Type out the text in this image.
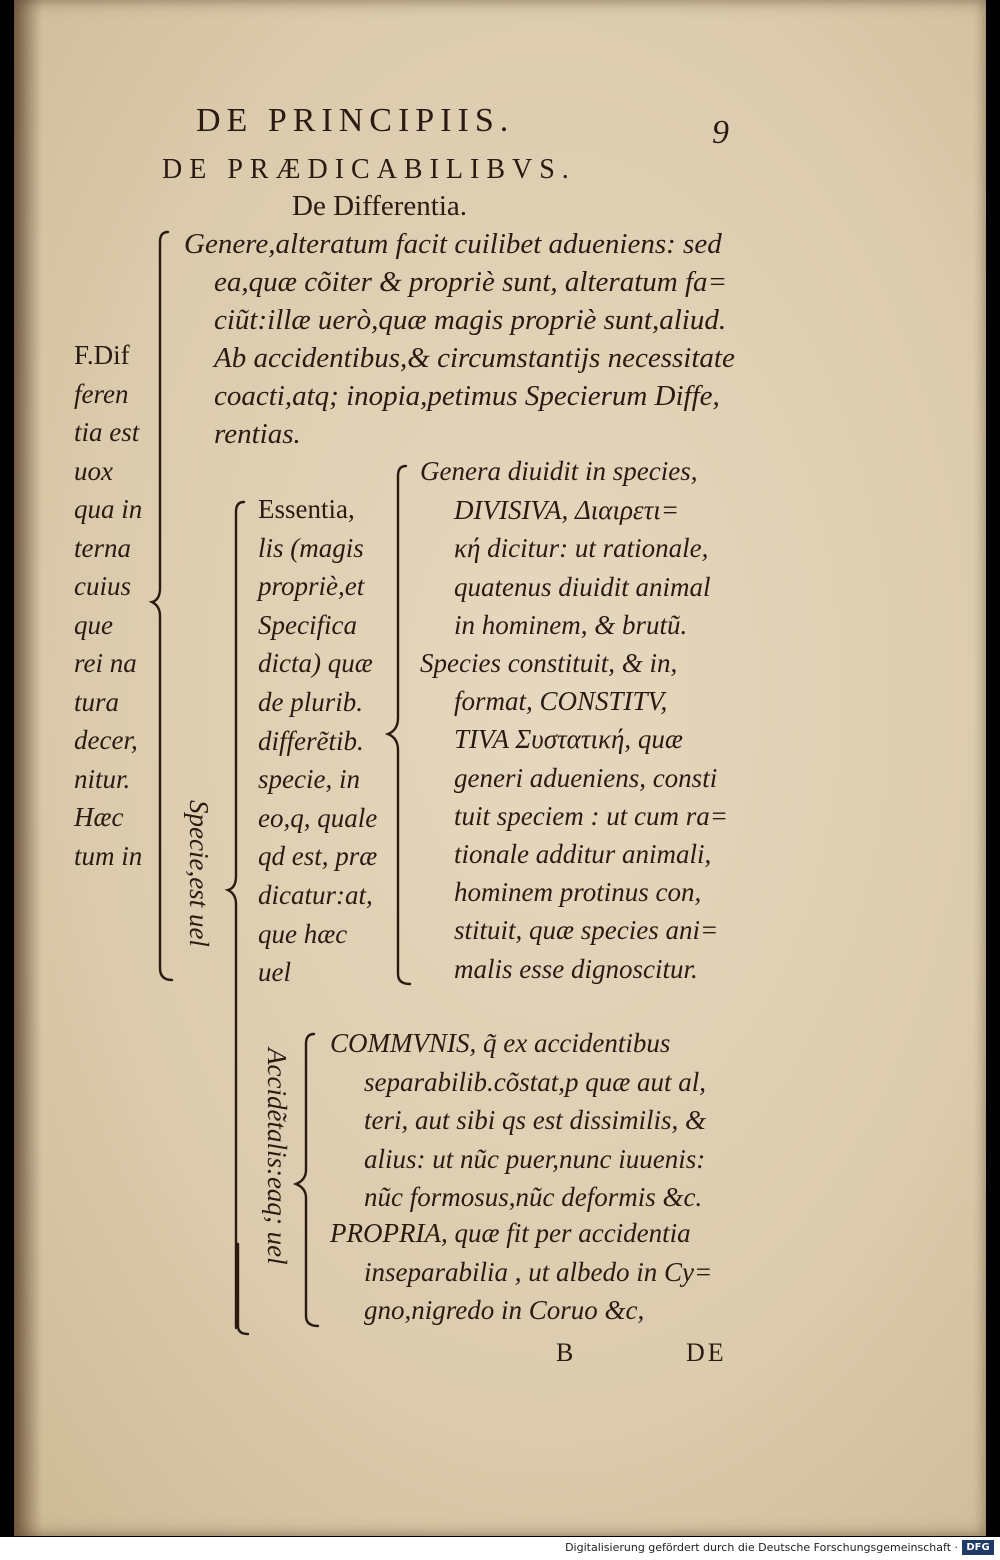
DE PRINCIPIIS.	9
DE PRÆDICABILIBVS.
De Differentia.
F.Dif
feren
tia est
uox
qua in
terna
cuius
que
rei na
tura
decer,
nitur.
Hæc
tum in Specie,est uel
Accidẽtalis:eaq; uel
Genere,alteratum facit cuilibet adueniens: sed
ea,quæ cõiter & propriè sunt, alteratum fa=
ciũt:illæ uerò,quæ magis propriè sunt,aliud.
Ab accidentibus,& circumstantijs necessitate
coacti,atq; inopia,petimus Specierum Diffe,
rentias.
Essentia,
lis (magis
propriè,et
Specifica
dicta) quæ
de plurib.
differẽtib.
specie, in
eo,q, quale
qd est, præ
dicatur:at,
que hæc
uel
Genera diuidit in species,
DIVISIVA, Διαιρετι=
κή dicitur: ut rationale,
quatenus diuidit animal
in hominem, & brutũ.
Species constituit, & in,
format, CONSTITV,
TIVA Συστατική, quæ
generi adueniens, consti
tuit speciem : ut cum ra=
tionale additur animali,
hominem protinus con,
stituit, quæ species ani=
malis esse dignoscitur.
COMMVNIS, q̃ ex accidentibus
separabilib.cõstat,p quæ aut al,
teri, aut sibi qs est dissimilis, &
alius: ut nũc puer,nunc iuuenis:
nũc formosus,nũc deformis &c.
PROPRIA, quæ fit per accidentia
inseparabilia , ut albedo in Cy=
gno,nigredo in Coruo &c,
B	DE
Digitalisierung gefördert durch die Deutsche Forschungsgemeinschaft · DFG
